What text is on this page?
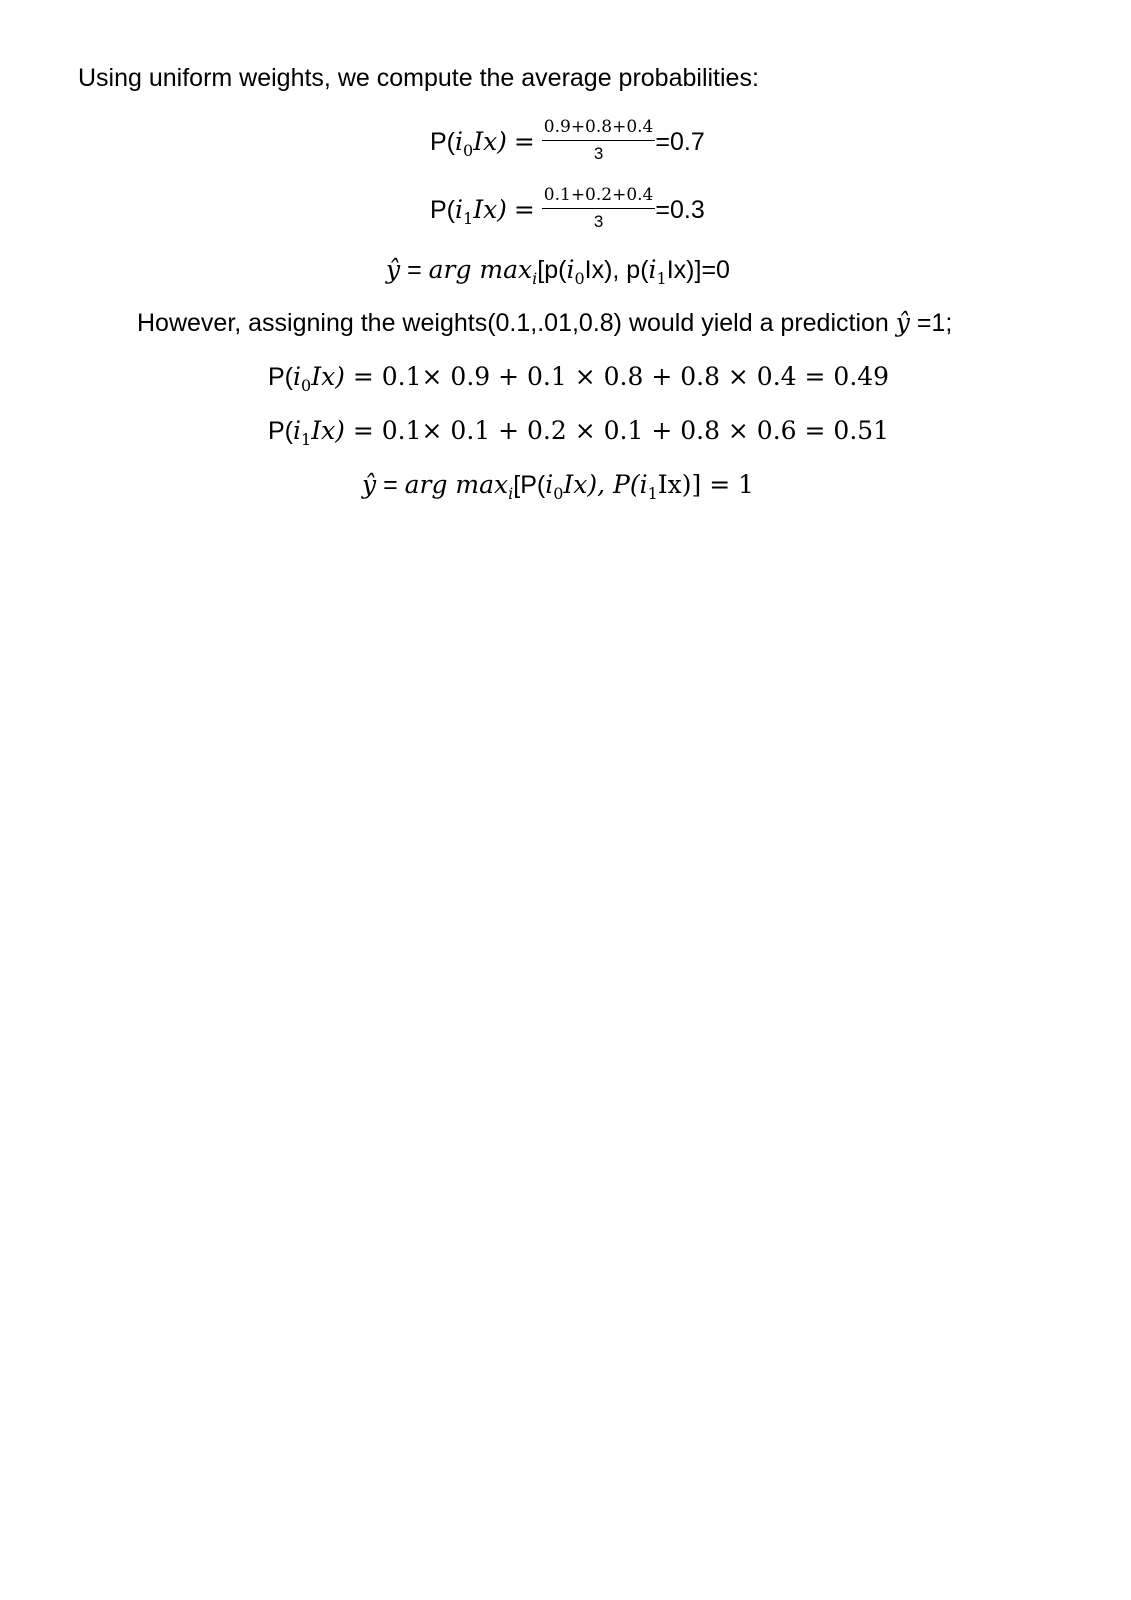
Using uniform weights, we compute the average probabilities:
$P(i_0Ix) = \frac{0.9+0.8+0.4}{3} =0.7$
$P(i_1Ix) = \frac{0.1+0.2+0.4}{3} =0.3$
ŷ = arg $\max_i[p(i_0Ix)$, $p(i_1Ix)]=0$
However, assigning the weights(0.1,.01,0.8) would yield a prediction ŷ =1;
$P(i_0Ix) = 0.1\times 0.9 + 0.1 \times 0.8 + 0.8 \times 0.4 = 0.49$
$P(i_1Ix) = 0.1\times 0.1 + 0.2 \times 0.1 + 0.8 \times 0.6 = 0.51$
ŷ = arg $\max_i[P(i_0Ix)$, $P(i_1Ix)] = 1$
